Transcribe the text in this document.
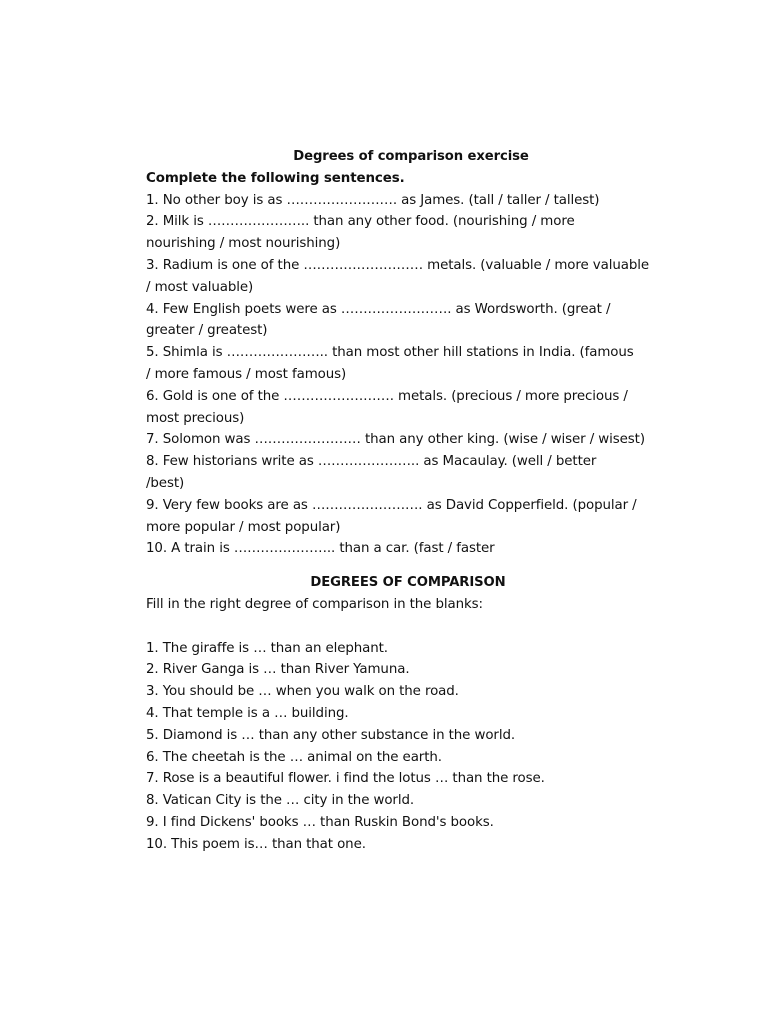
Degrees of comparison exercise
Complete the following sentences.
1. No other boy is as ……………………. as James. (tall / taller / tallest)
2. Milk is ………………….. than any other food. (nourishing / more
nourishing / most nourishing)
3. Radium is one of the ……………………… metals. (valuable / more valuable
/ most valuable)
4. Few English poets were as ……………………. as Wordsworth. (great /
greater / greatest)
5. Shimla is ………………….. than most other hill stations in India. (famous
/ more famous / most famous)
6. Gold is one of the ……………………. metals. (precious / more precious /
most precious)
7. Solomon was …………………… than any other king. (wise / wiser / wisest)
8. Few historians write as ………………….. as Macaulay. (well / better
/best)
9. Very few books are as ……………………. as David Copperfield. (popular /
more popular / most popular)
10. A train is ………………….. than a car. (fast / faster
DEGREES OF COMPARISON
Fill in the right degree of comparison in the blanks:
1. The giraffe is … than an elephant.
2. River Ganga is … than River Yamuna.
3. You should be … when you walk on the road.
4. That temple is a … building.
5. Diamond is … than any other substance in the world.
6. The cheetah is the … animal on the earth.
7. Rose is a beautiful flower. i find the lotus … than the rose.
8. Vatican City is the … city in the world.
9. I find Dickens' books … than Ruskin Bond's books.
10. This poem is… than that one.
